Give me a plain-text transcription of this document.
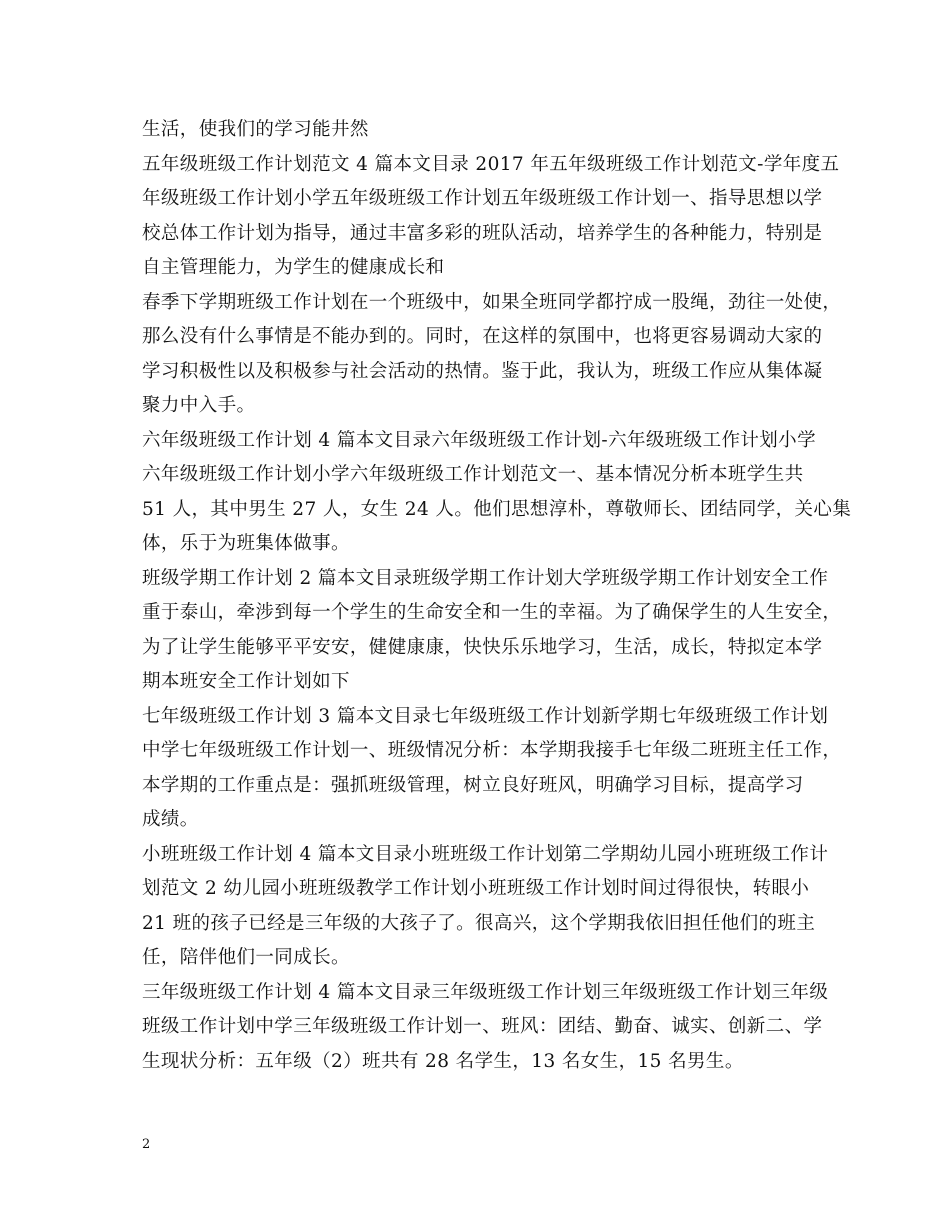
生活，使我们的学习能井然
五年级班级工作计划范文 4 篇本文目录 2017 年五年级班级工作计划范文-学年度五
年级班级工作计划小学五年级班级工作计划五年级班级工作计划一、指导思想以学
校总体工作计划为指导，通过丰富多彩的班队活动，培养学生的各种能力，特别是
自主管理能力，为学生的健康成长和
春季下学期班级工作计划在一个班级中，如果全班同学都拧成一股绳，劲往一处使，
那么没有什么事情是不能办到的。同时，在这样的氛围中，也将更容易调动大家的
学习积极性以及积极参与社会活动的热情。鉴于此，我认为，班级工作应从集体凝
聚力中入手。
六年级班级工作计划 4 篇本文目录六年级班级工作计划-六年级班级工作计划小学
六年级班级工作计划小学六年级班级工作计划范文一、基本情况分析本班学生共
51 人，其中男生 27 人，女生 24 人。他们思想淳朴，尊敬师长、团结同学，关心集
体，乐于为班集体做事。
班级学期工作计划 2 篇本文目录班级学期工作计划大学班级学期工作计划安全工作
重于泰山，牵涉到每一个学生的生命安全和一生的幸福。为了确保学生的人生安全，
为了让学生能够平平安安，健健康康，快快乐乐地学习，生活，成长，特拟定本学
期本班安全工作计划如下
七年级班级工作计划 3 篇本文目录七年级班级工作计划新学期七年级班级工作计划
中学七年级班级工作计划一、班级情况分析：本学期我接手七年级二班班主任工作，
本学期的工作重点是：强抓班级管理，树立良好班风，明确学习目标，提高学习
成绩。
小班班级工作计划 4 篇本文目录小班班级工作计划第二学期幼儿园小班班级工作计
划范文 2 幼儿园小班班级教学工作计划小班班级工作计划时间过得很快，转眼小
21 班的孩子已经是三年级的大孩子了。很高兴，这个学期我依旧担任他们的班主
任，陪伴他们一同成长。
三年级班级工作计划 4 篇本文目录三年级班级工作计划三年级班级工作计划三年级
班级工作计划中学三年级班级工作计划一、班风：团结、勤奋、诚实、创新二、学
生现状分析：五年级（2）班共有 28 名学生，13 名女生，15 名男生。
2
